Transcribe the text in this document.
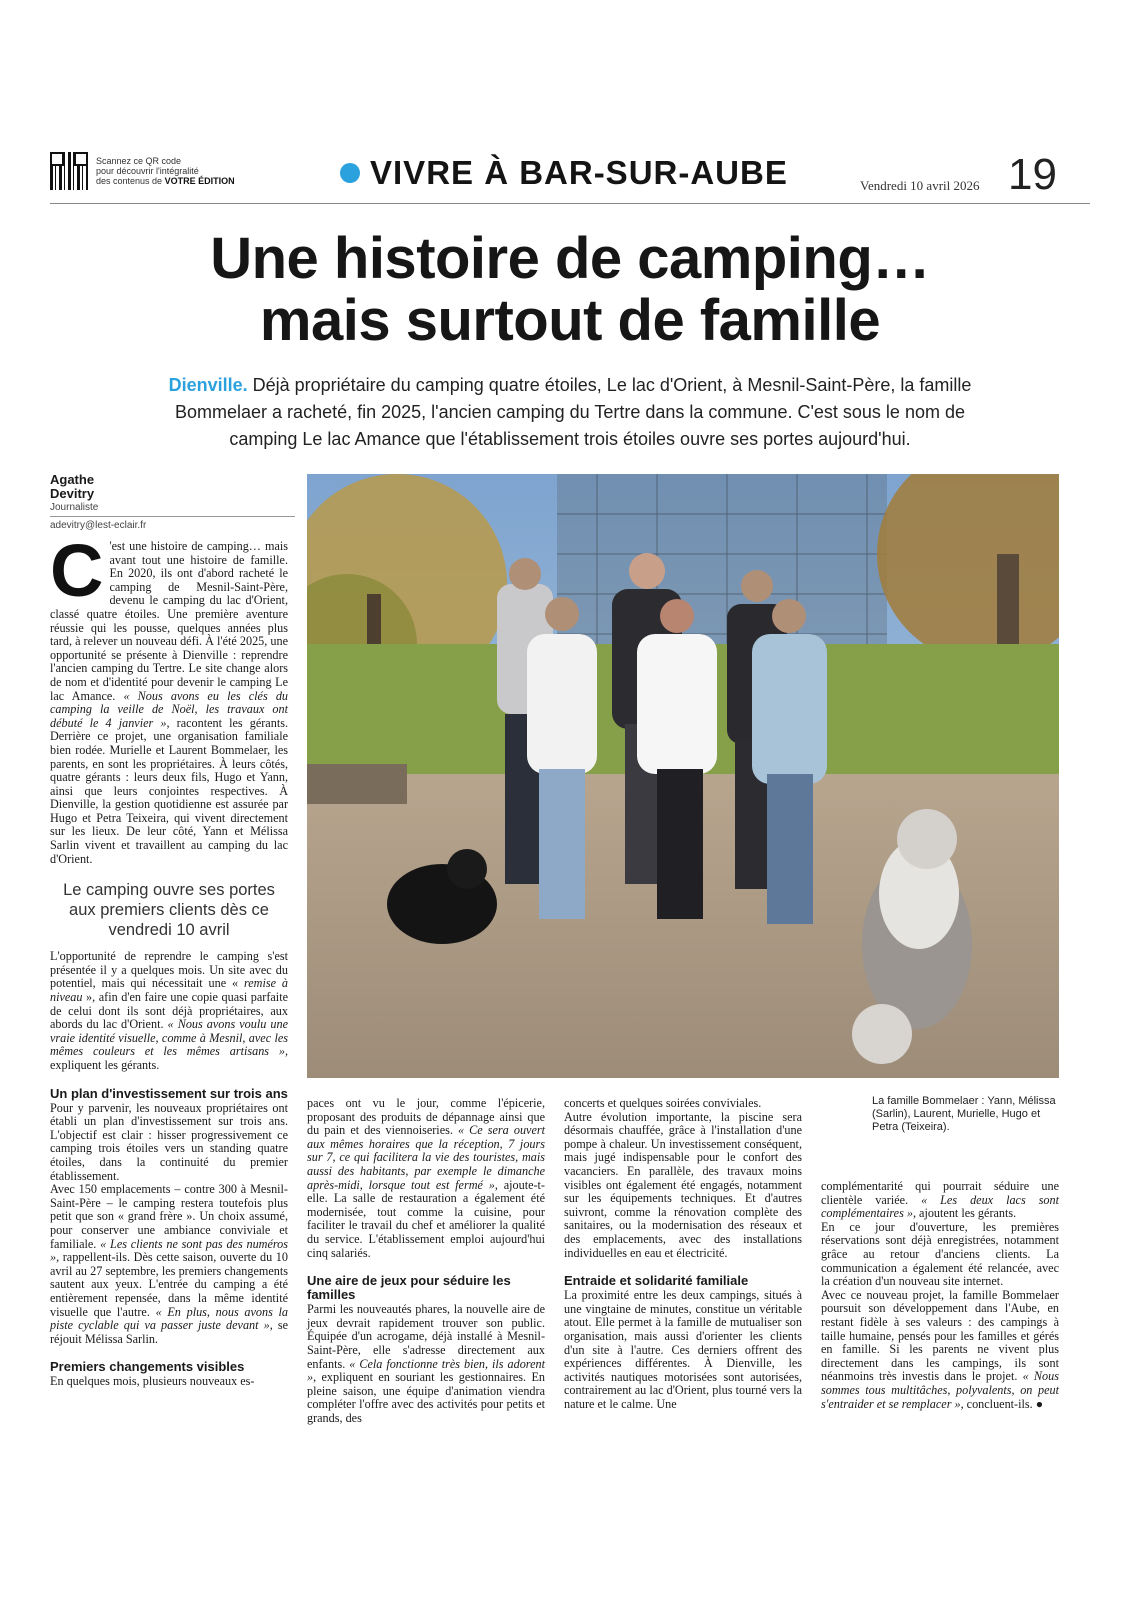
Scannez ce QR code
pour découvrir l'intégralité
des contenus de VOTRE ÉDITION	VIVRE À BAR-SUR-AUBE	Vendredi 10 avril 2026 19
Une histoire de camping…
mais surtout de famille
Dienville. Déjà propriétaire du camping quatre étoiles, Le lac d'Orient, à Mesnil-Saint-Père, la famille Bommelaer a racheté, fin 2025, l'ancien camping du Tertre dans la commune. C'est sous le nom de camping Le lac Amance que l'établissement trois étoiles ouvre ses portes aujourd'hui.
Agathe
Devitry
Journaliste
adevitry@lest-eclair.fr

C 'est une histoire de camping… mais avant tout une histoire de famille. En 2020, ils ont d'abord racheté le camping de Mesnil-Saint-Père, devenu le camping du lac d'Orient, classé quatre étoiles. Une première aventure réussie qui les pousse, quelques années plus tard, à relever un nouveau défi. À l'été 2025, une opportunité se présente à Dienville : reprendre l'ancien camping du Tertre. Le site change alors de nom et d'identité pour devenir le camping Le lac Amance. « Nous avons eu les clés du camping la veille de Noël, les travaux ont débuté le 4 janvier », racontent les gérants. Derrière ce projet, une organisation familiale bien rodée. Murielle et Laurent Bommelaer, les parents, en sont les propriétaires. À leurs côtés, quatre gérants : leurs deux fils, Hugo et Yann, ainsi que leurs conjointes respectives. À Dienville, la gestion quotidienne est assurée par Hugo et Petra Teixeira, qui vivent directement sur les lieux. De leur côté, Yann et Mélissa Sarlin vivent et travaillent au camping du lac d'Orient.

Le camping ouvre ses portes aux premiers clients dès ce vendredi 10 avril

L'opportunité de reprendre le camping s'est présentée il y a quelques mois. Un site avec du potentiel, mais qui nécessitait une « remise à niveau », afin d'en faire une copie quasi parfaite de celui dont ils sont déjà propriétaires, aux abords du lac d'Orient. « Nous avons voulu une vraie identité visuelle, comme à Mesnil, avec les mêmes couleurs et les mêmes artisans », expliquent les gérants.

Un plan d'investissement sur trois ans

Pour y parvenir, les nouveaux propriétaires ont établi un plan d'investissement sur trois ans. L'objectif est clair : hisser progressivement ce camping trois étoiles vers un standing quatre étoiles, dans la continuité du premier établissement.

Avec 150 emplacements – contre 300 à Mesnil-Saint-Père – le camping restera toutefois plus petit que son « grand frère ». Un choix assumé, pour conserver une ambiance conviviale et familiale. « Les clients ne sont pas des numéros », rappellent-ils. Dès cette saison, ouverte du 10 avril au 27 septembre, les premiers changements sautent aux yeux. L'entrée du camping a été entièrement repensée, dans la même identité visuelle que l'autre. « En plus, nous avons la piste cyclable qui va passer juste devant », se réjouit Mélissa Sarlin.

Premiers changements visibles

En quelques mois, plusieurs nouveaux es-

La famille Bommelaer : Yann, Mélissa (Sarlin), Laurent, Murielle, Hugo et Petra (Teixeira).

paces ont vu le jour, comme l'épicerie, proposant des produits de dépannage ainsi que du pain et des viennoiseries. « Ce sera ouvert aux mêmes horaires que la réception, 7 jours sur 7, ce qui facilitera la vie des touristes, mais aussi des habitants, par exemple le dimanche après-midi, lorsque tout est fermé », ajoute-t-elle. La salle de restauration a également été modernisée, tout comme la cuisine, pour faciliter le travail du chef et améliorer la qualité du service. L'établissement emploi aujourd'hui cinq salariés.

Une aire de jeux pour séduire les familles

Parmi les nouveautés phares, la nouvelle aire de jeux devrait rapidement trouver son public. Équipée d'un acrogame, déjà installé à Mesnil-Saint-Père, elle s'adresse directement aux enfants. « Cela fonctionne très bien, ils adorent », expliquent en souriant les gestionnaires. En pleine saison, une équipe d'animation viendra compléter l'offre avec des activités pour petits et grands, des

concerts et quelques soirées conviviales.

Autre évolution importante, la piscine sera désormais chauffée, grâce à l'installation d'une pompe à chaleur. Un investissement conséquent, mais jugé indispensable pour le confort des vacanciers. En parallèle, des travaux moins visibles ont également été engagés, notamment sur les équipements techniques. Et d'autres suivront, comme la rénovation complète des sanitaires, ou la modernisation des réseaux et des emplacements, avec des installations individuelles en eau et électricité.

Entraide et solidarité familiale

La proximité entre les deux campings, situés à une vingtaine de minutes, constitue un véritable atout. Elle permet à la famille de mutualiser son organisation, mais aussi d'orienter les clients d'un site à l'autre. Ces derniers offrent des expériences différentes. À Dienville, les activités nautiques motorisées sont autorisées, contrairement au lac d'Orient, plus tourné vers la nature et le calme. Une

complémentarité qui pourrait séduire une clientèle variée. « Les deux lacs sont complémentaires », ajoutent les gérants.

En ce jour d'ouverture, les premières réservations sont déjà enregistrées, notamment grâce au retour d'anciens clients. La communication a également été relancée, avec la création d'un nouveau site internet.

Avec ce nouveau projet, la famille Bommelaer poursuit son développement dans l'Aube, en restant fidèle à ses valeurs : des campings à taille humaine, pensés pour les familles et gérés en famille. Si les parents ne vivent plus directement dans les campings, ils sont néanmoins très investis dans le projet. « Nous sommes tous multitâches, polyvalents, on peut s'entraider et se remplacer », concluent-ils. ●
